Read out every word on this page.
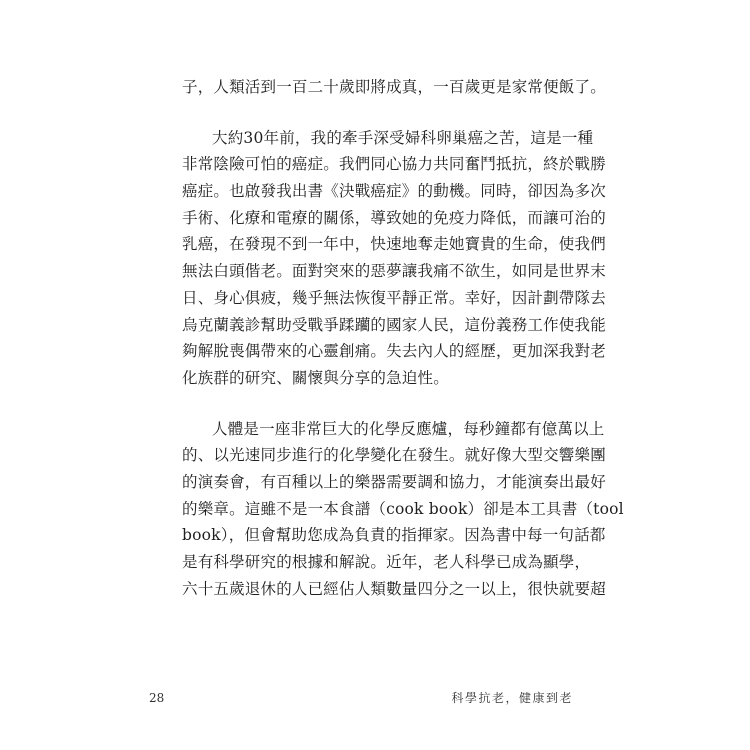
子，人類活到一百二十歲即將成真，一百歲更是家常便飯了。
大約30年前，我的牽手深受婦科卵巢癌之苦，這是一種
非常陰險可怕的癌症。我們同心協力共同奮鬥抵抗，終於戰勝
癌症。也啟發我出書《決戰癌症》的動機。同時，卻因為多次
手術、化療和電療的關係，導致她的免疫力降低，而讓可治的
乳癌，在發現不到一年中，快速地奪走她寶貴的生命，使我們
無法白頭偕老。面對突來的惡夢讓我痛不欲生，如同是世界末
日、身心俱疲，幾乎無法恢復平靜正常。幸好，因計劃帶隊去
烏克蘭義診幫助受戰爭蹂躪的國家人民，這份義務工作使我能
夠解脫喪偶帶來的心靈創痛。失去內人的經歷，更加深我對老
化族群的研究、關懷與分享的急迫性。
人體是一座非常巨大的化學反應爐，每秒鐘都有億萬以上
的、以光速同步進行的化學變化在發生。就好像大型交響樂團
的演奏會，有百種以上的樂器需要調和協力，才能演奏出最好
的樂章。這雖不是一本食譜（cook book）卻是本工具書（tool
book），但會幫助您成為負責的指揮家。因為書中每一句話都
是有科學研究的根據和解說。近年，老人科學已成為顯學，
六十五歲退休的人已經佔人類數量四分之一以上，很快就要超
28	科學抗老，健康到老
